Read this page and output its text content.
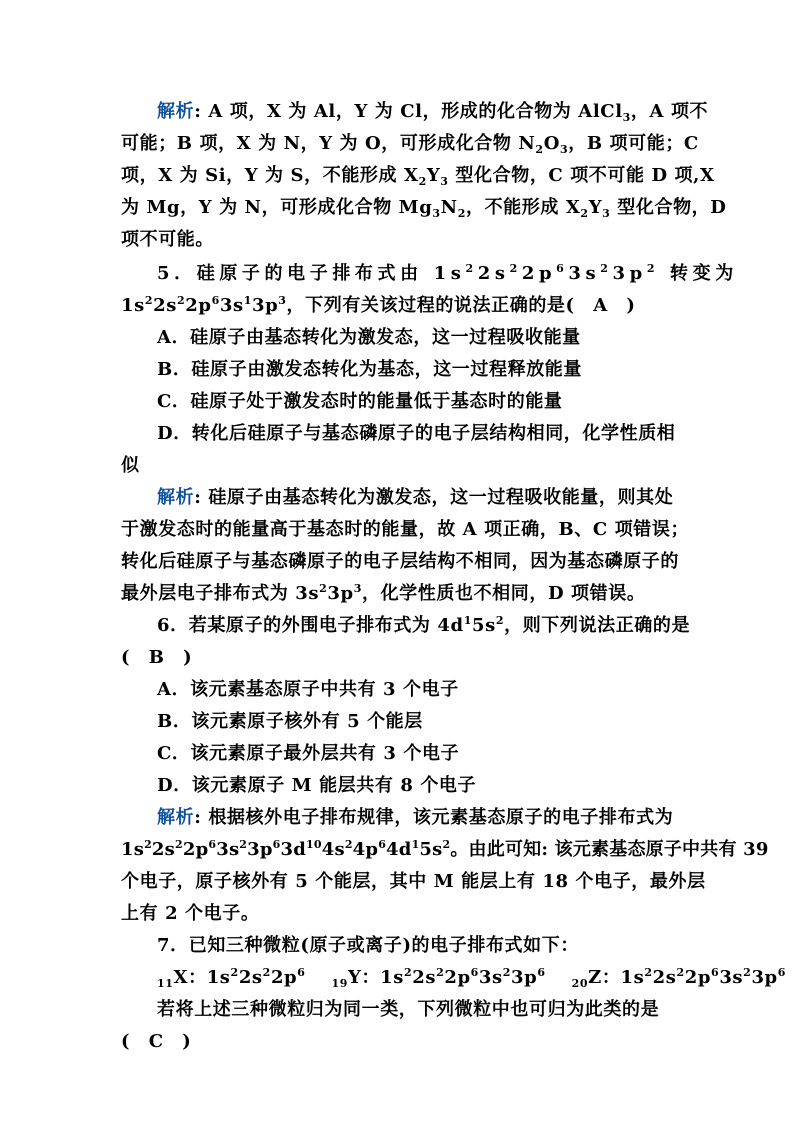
解析: A 项，X 为 Al，Y 为 Cl，形成的化合物为 AlCl$_3$，A 项不
可能；B 项，X 为 N，Y 为 O，可形成化合物 $N_2O_3$，B 项可能；C
项，X 为 Si，Y 为 S，不能形成 $X_2Y_3$ 型化合物，C 项不可能 D 项,X
为 Mg，Y 为 N，可形成化合物 $Mg_3N_2$，不能形成 $X_2Y_3$ 型化合物，D
项不可能。
5．硅原子的电子排布式由 $1s^22s^22p^63s^23p^2$ 转变为
$1s^22s^22p^63s^13p^3$，下列有关该过程的说法正确的是(　A　)
A．硅原子由基态转化为激发态，这一过程吸收能量
B．硅原子由激发态转化为基态，这一过程释放能量
C．硅原子处于激发态时的能量低于基态时的能量
D．转化后硅原子与基态磷原子的电子层结构相同，化学性质相
似
解析: 硅原子由基态转化为激发态，这一过程吸收能量，则其处
于激发态时的能量高于基态时的能量，故 A 项正确，B、C 项错误；
转化后硅原子与基态磷原子的电子层结构不相同，因为基态磷原子的
最外层电子排布式为 $3s^23p^3$，化学性质也不相同，D 项错误。
6．若某原子的外围电子排布式为 $4d^15s^2$，则下列说法正确的是
(　B　)
A．该元素基态原子中共有 3 个电子
B．该元素原子核外有 5 个能层
C．该元素原子最外层共有 3 个电子
D．该元素原子 M 能层共有 8 个电子
解析: 根据核外电子排布规律，该元素基态原子的电子排布式为
$1s^22s^22p^63s^23p^63d^{10}4s^24p^64d^15s^2$。由此可知: 该元素基态原子中共有 39
个电子，原子核外有 5 个能层，其中 M 能层上有 18 个电子，最外层
上有 2 个电子。
7．已知三种微粒(原子或离子)的电子排布式如下：
$_{11}$X：$1s^22s^22p^6_{19}Y$：$1s^22s^22p^63s^23p^6_{20}Z$：$1s^22s^22p^63s^23p^6$
若将上述三种微粒归为同一类，下列微粒中也可归为此类的是
(　C　)
